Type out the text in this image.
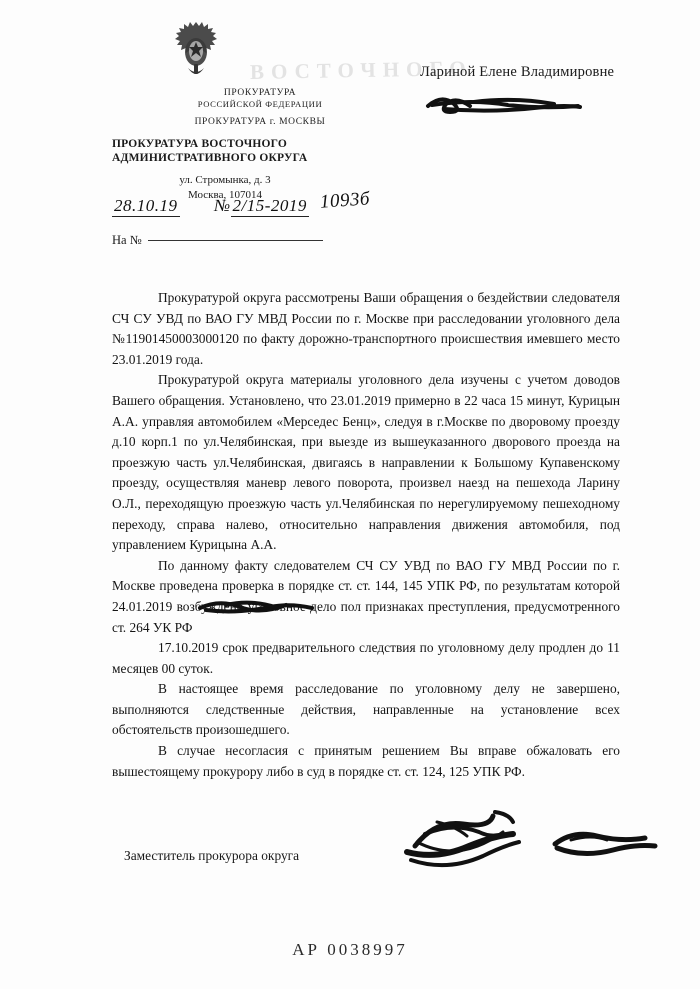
ВОСТОЧНОГО
ПРОКУРАТУРА
РОССИЙСКОЙ ФЕДЕРАЦИИ
ПРОКУРАТУРА г. МОСКВЫ
ПРОКУРАТУРА ВОСТОЧНОГО
АДМИНИСТРАТИВНОГО ОКРУГА
ул. Стромынка, д. 3
Москва, 107014
28.10.19 № 2/15-2019 1093б
На №
Лариной Елене Владимировне

Прокуратурой округа рассмотрены Ваши обращения о бездействии следователя СЧ СУ УВД по ВАО ГУ МВД России по г. Москве при расследовании уголовного дела №11901450003000120 по факту дорожно-транспортного происшествия имевшего место 23.01.2019 года.

Прокуратурой округа материалы уголовного дела изучены с учетом доводов Вашего обращения. Установлено, что 23.01.2019 примерно в 22 часа 15 минут, Курицын А.А. управляя автомобилем «Мерседес Бенц», следуя в г.Москве по дворовому проезду д.10 корп.1 по ул.Челябинская, при выезде из вышеуказанного дворового проезда на проезжую часть ул.Челябинская, двигаясь в направлении к Большому Купавенскому проезду, осуществляя маневр левого поворота, произвел наезд на пешехода Ларину О.Л., переходящую проезжую часть ул.Челябинская по нерегулируемому пешеходному переходу, справа налево, относительно направления движения автомобиля, под управлением Курицына А.А.

По данному факту следователем СЧ СУ УВД по ВАО ГУ МВД России по г. Москве проведена проверка в порядке ст. ст. 144, 145 УПК РФ, по результатам которой 24.01.2019 возбуждено уголовное дело пол признаках преступления, предусмотренного ст. 264 УК РФ

17.10.2019 срок предварительного следствия по уголовному делу продлен до 11 месяцев 00 суток.

В настоящее время расследование по уголовному делу не завершено, выполняются следственные действия, направленные на установление всех обстоятельств произошедшего.

В случае несогласия с принятым решением Вы вправе обжаловать его вышестоящему прокурору либо в суд в порядке ст. ст. 124, 125 УПК РФ.

Заместитель прокурора округа
АР 0038997
